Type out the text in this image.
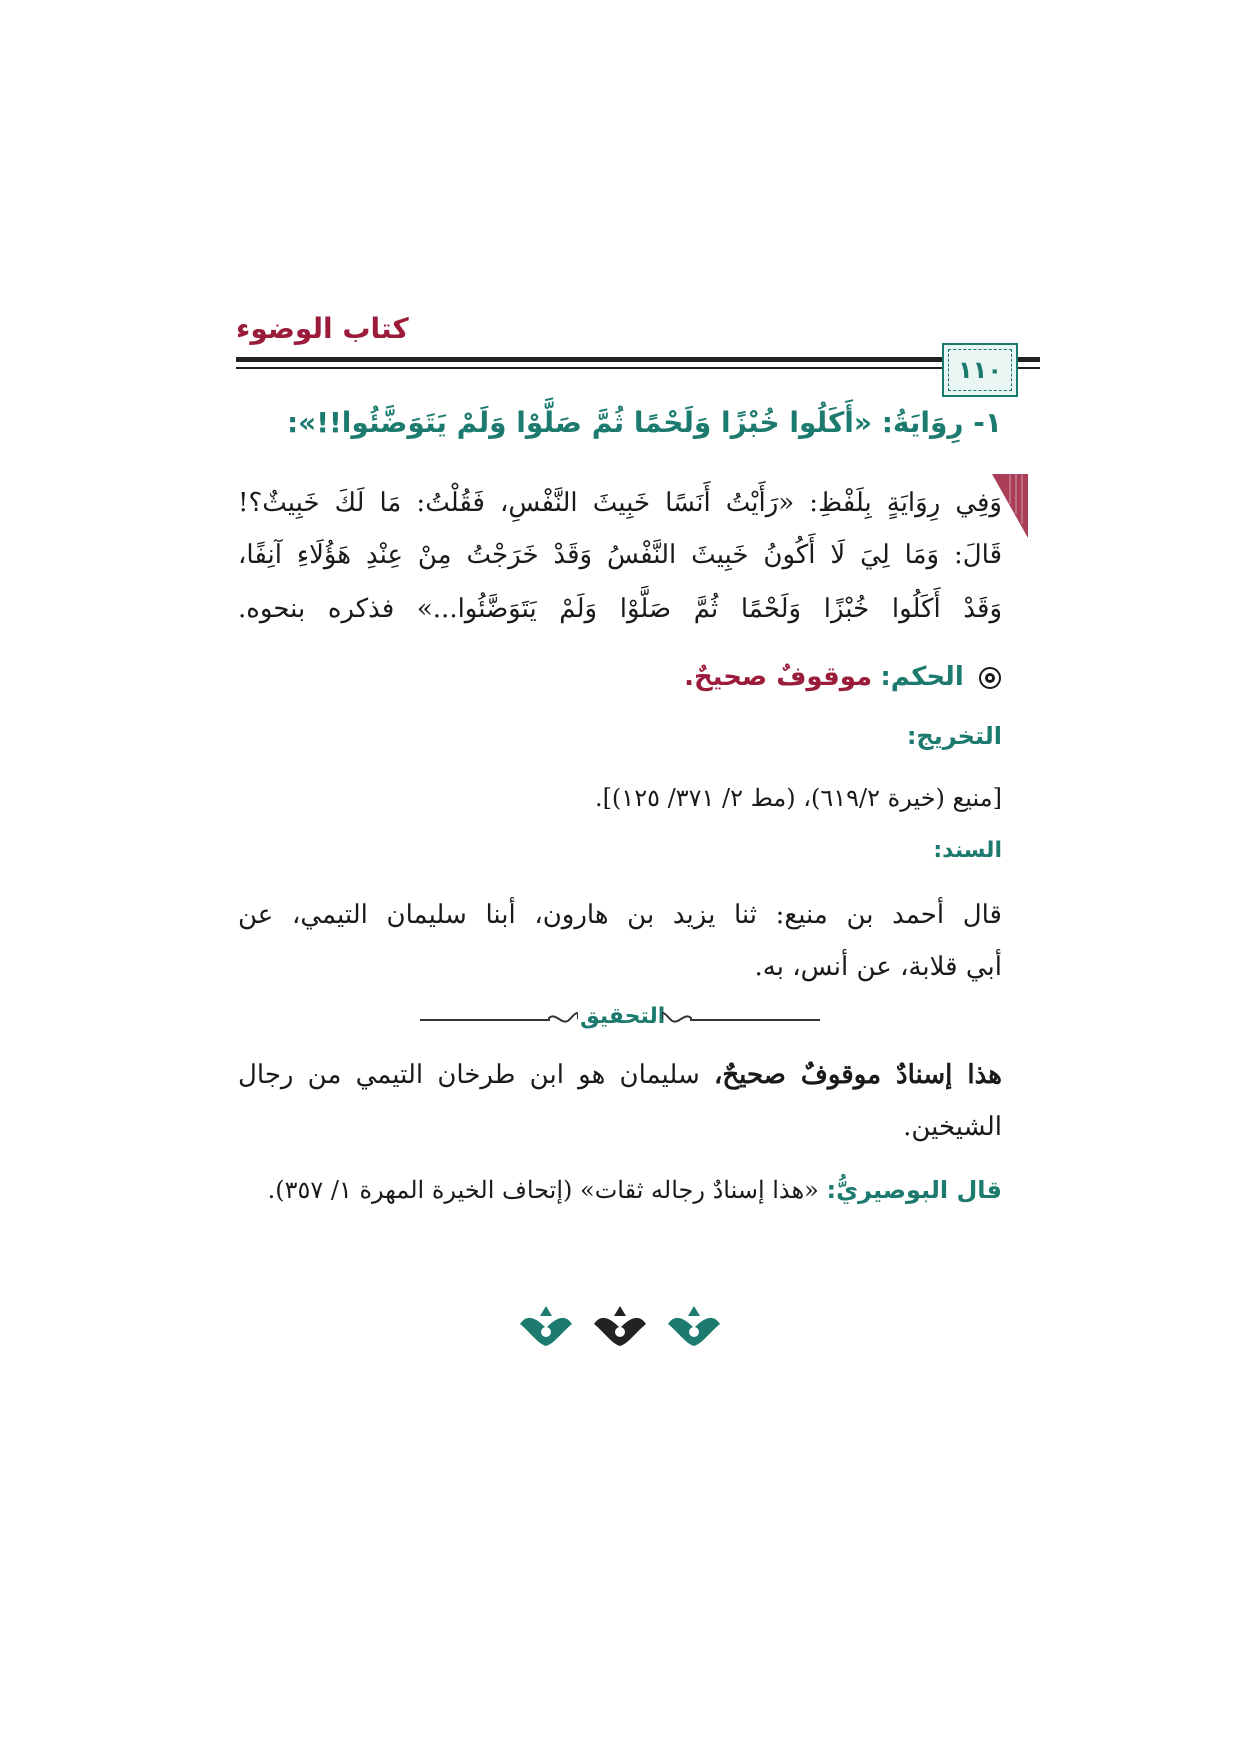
كتاب الوضوء
١١٠
١- رِوَايَةُ: «أَكَلُوا خُبْزًا وَلَحْمًا ثُمَّ صَلَّوْا وَلَمْ يَتَوَضَّئُوا!!»:
وَفِي رِوَايَةٍ بِلَفْظِ: «رَأَيْتُ أَنَسًا خَبِيثَ النَّفْسِ، فَقُلْتُ: مَا لَكَ خَبِيثٌ؟!
قَالَ: وَمَا لِيَ لَا أَكُونُ خَبِيثَ النَّفْسُ وَقَدْ خَرَجْتُ مِنْ عِنْدِ هَؤُلَاءِ آنِفًا،
وَقَدْ أَكَلُوا خُبْزًا وَلَحْمًا ثُمَّ صَلَّوْا وَلَمْ يَتَوَضَّئُوا...» فذكره بنحوه.
الحكم: موقوفٌ صحيحٌ.
التخريج:
[منيع (خيرة ٦١٩/٢)، (مط ٢/ ٣٧١/ ١٢٥)].
السند:
قال أحمد بن منيع: ثنا يزيد بن هارون، أبنا سليمان التيمي، عن
أبي قلابة، عن أنس، به.
التحقيق
هذا إسنادٌ موقوفٌ صحيحٌ، سليمان هو ابن طرخان التيمي من رجال
الشيخين.
قال البوصيريُّ: «هذا إسنادٌ رجاله ثقات» (إتحاف الخيرة المهرة ١/ ٣٥٧).
